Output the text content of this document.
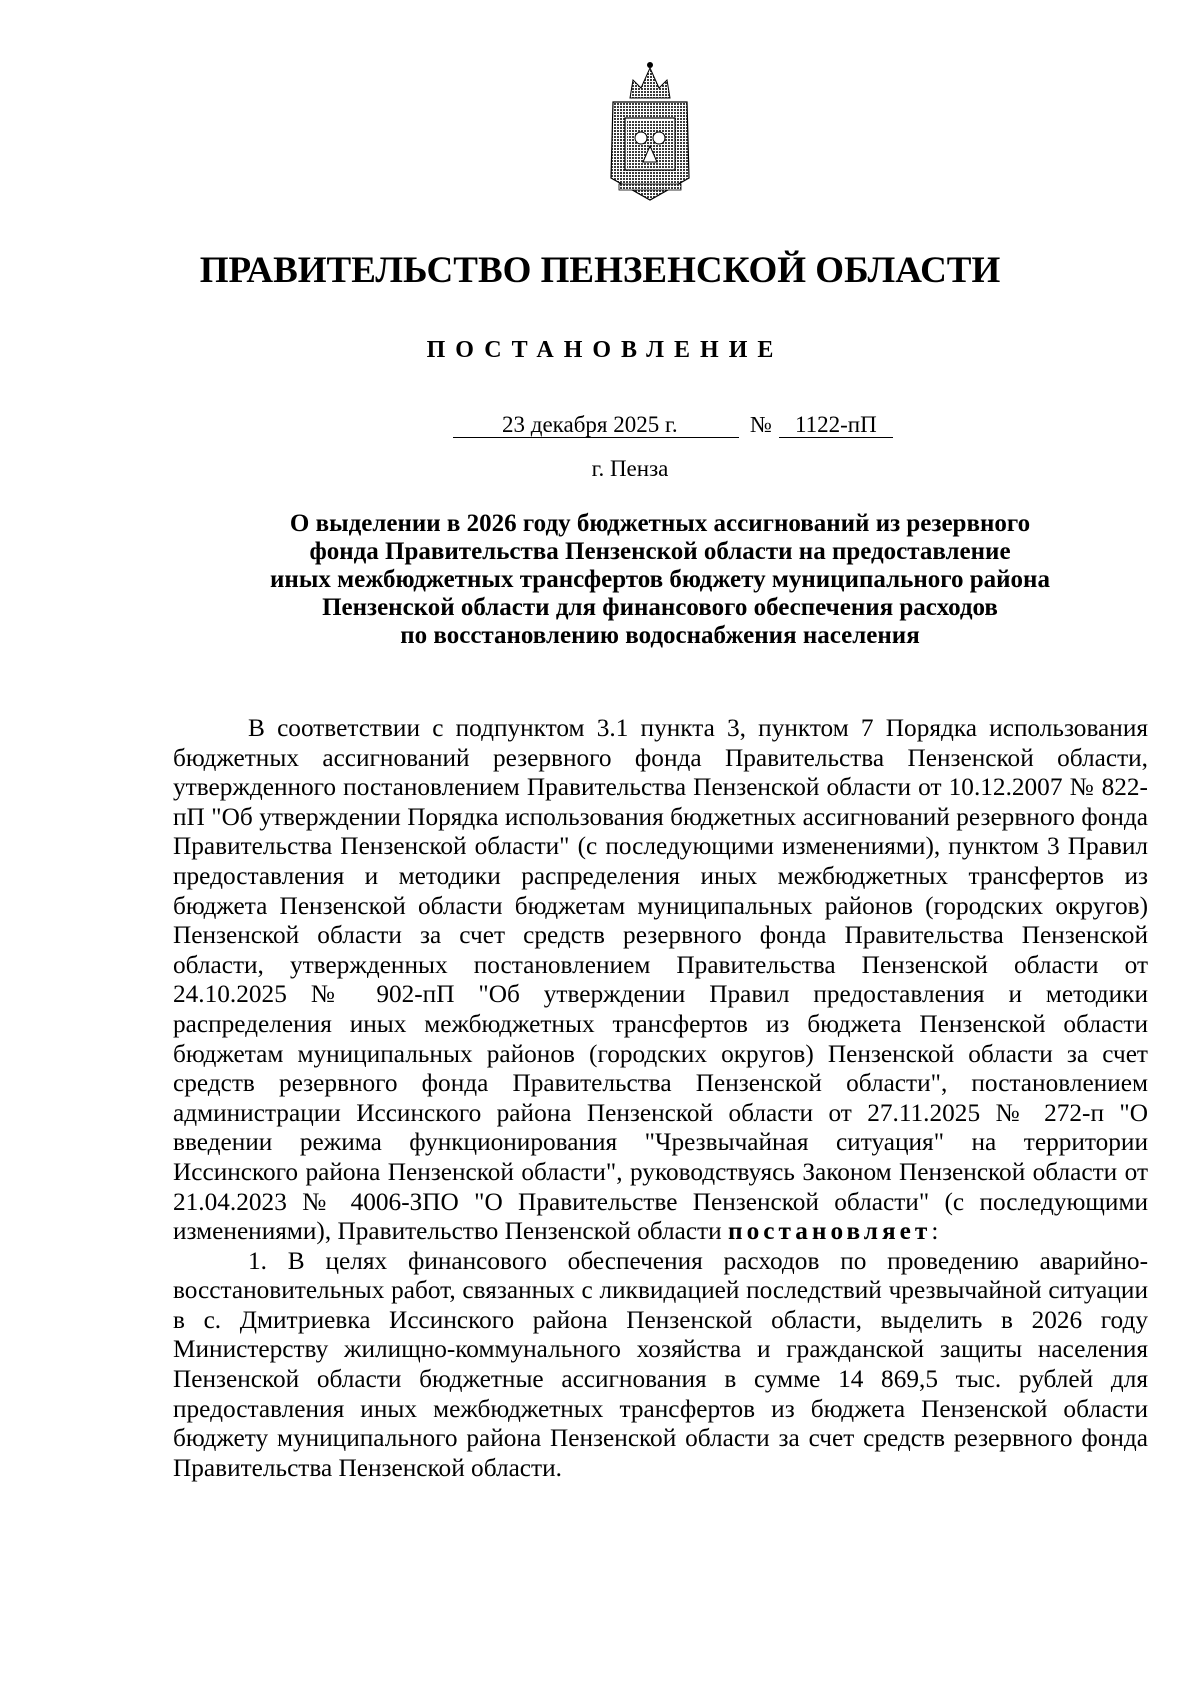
ПРАВИТЕЛЬСТВО ПЕНЗЕНСКОЙ ОБЛАСТИ
ПОСТАНОВЛЕНИЕ
23 декабря 2025 г.	№ 1122-пП
г. Пенза
О выделении в 2026 году бюджетных ассигнований из резервного
фонда Правительства Пензенской области на предоставление
иных межбюджетных трансфертов бюджету муниципального района
Пензенской области для финансового обеспечения расходов
по восстановлению водоснабжения населения

В соответствии с подпунктом 3.1 пункта 3, пунктом 7 Порядка использования бюджетных ассигнований резервного фонда Правительства Пензенской области, утвержденного постановлением Правительства Пензенской области от 10.12.2007 № 822-пП "Об утверждении Порядка использования бюджетных ассигнований резервного фонда Правительства Пензенской области" (с последующими изменениями), пунктом 3 Правил предоставления и методики распределения иных межбюджетных трансфертов из бюджета Пензенской области бюджетам муниципальных районов (городских округов) Пензенской области за счет средств резервного фонда Правительства Пензенской области, утвержденных постановлением Правительства Пензенской области от 24.10.2025 № 902-пП "Об утверждении Правил предоставления и методики распределения иных межбюджетных трансфертов из бюджета Пензенской области бюджетам муниципальных районов (городских округов) Пензенской области за счет средств резервного фонда Правительства Пензенской области", постановлением администрации Иссинского района Пензенской области от 27.11.2025 № 272-п "О введении режима функционирования "Чрезвычайная ситуация" на территории Иссинского района Пензенской области", руководствуясь Законом Пензенской области от 21.04.2023 № 4006-ЗПО "О Правительстве Пензенской области" (с последующими изменениями), Правительство Пензенской области постановляет:

1. В целях финансового обеспечения расходов по проведению аварийно-восстановительных работ, связанных с ликвидацией последствий чрезвычайной ситуации в с. Дмитриевка Иссинского района Пензенской области, выделить в 2026 году Министерству жилищно-коммунального хозяйства и гражданской защиты населения Пензенской области бюджетные ассигнования в сумме 14 869,5 тыс. рублей для предоставления иных межбюджетных трансфертов из бюджета Пензенской области бюджету муниципального района Пензенской области за счет средств резервного фонда Правительства Пензенской области.
